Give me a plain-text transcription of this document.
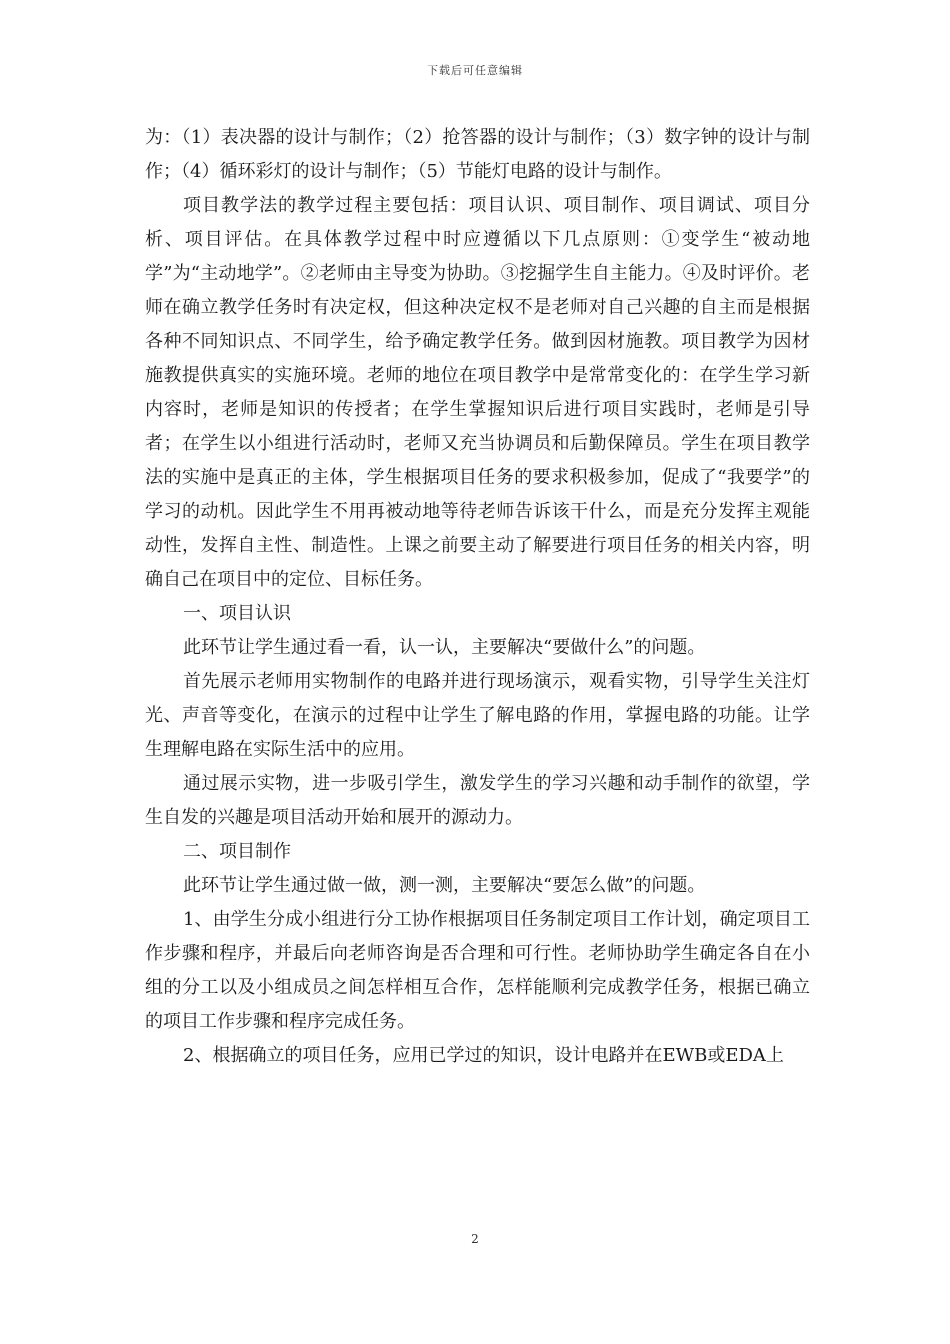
下载后可任意编辑

为：（1）表决器的设计与制作；（2）抢答器的设计与制作；（3）数字钟的设计与制作；（4）循环彩灯的设计与制作；（5）节能灯电路的设计与制作。

项目教学法的教学过程主要包括：项目认识、项目制作、项目调试、项目分析、项目评估。在具体教学过程中时应遵循以下几点原则：①变学生“被动地学”为“主动地学”。②老师由主导变为协助。③挖掘学生自主能力。④及时评价。老师在确立教学任务时有决定权，但这种决定权不是老师对自己兴趣的自主而是根据各种不同知识点、不同学生，给予确定教学任务。做到因材施教。项目教学为因材施教提供真实的实施环境。老师的地位在项目教学中是常常变化的：在学生学习新内容时，老师是知识的传授者；在学生掌握知识后进行项目实践时，老师是引导者；在学生以小组进行活动时，老师又充当协调员和后勤保障员。学生在项目教学法的实施中是真正的主体，学生根据项目任务的要求积极参加，促成了“我要学”的学习的动机。因此学生不用再被动地等待老师告诉该干什么，而是充分发挥主观能动性，发挥自主性、制造性。上课之前要主动了解要进行项目任务的相关内容，明确自己在项目中的定位、目标任务。

一、项目认识

此环节让学生通过看一看，认一认，主要解决“要做什么”的问题。

首先展示老师用实物制作的电路并进行现场演示，观看实物，引导学生关注灯光、声音等变化，在演示的过程中让学生了解电路的作用，掌握电路的功能。让学生理解电路在实际生活中的应用。

通过展示实物，进一步吸引学生，激发学生的学习兴趣和动手制作的欲望，学生自发的兴趣是项目活动开始和展开的源动力。

二、项目制作

此环节让学生通过做一做，测一测，主要解决“要怎么做”的问题。

1、由学生分成小组进行分工协作根据项目任务制定项目工作计划，确定项目工作步骤和程序，并最后向老师咨询是否合理和可行性。老师协助学生确定各自在小组的分工以及小组成员之间怎样相互合作，怎样能顺利完成教学任务，根据已确立的项目工作步骤和程序完成任务。

2、根据确立的项目任务，应用已学过的知识，设计电路并在EWB或EDA上

2
